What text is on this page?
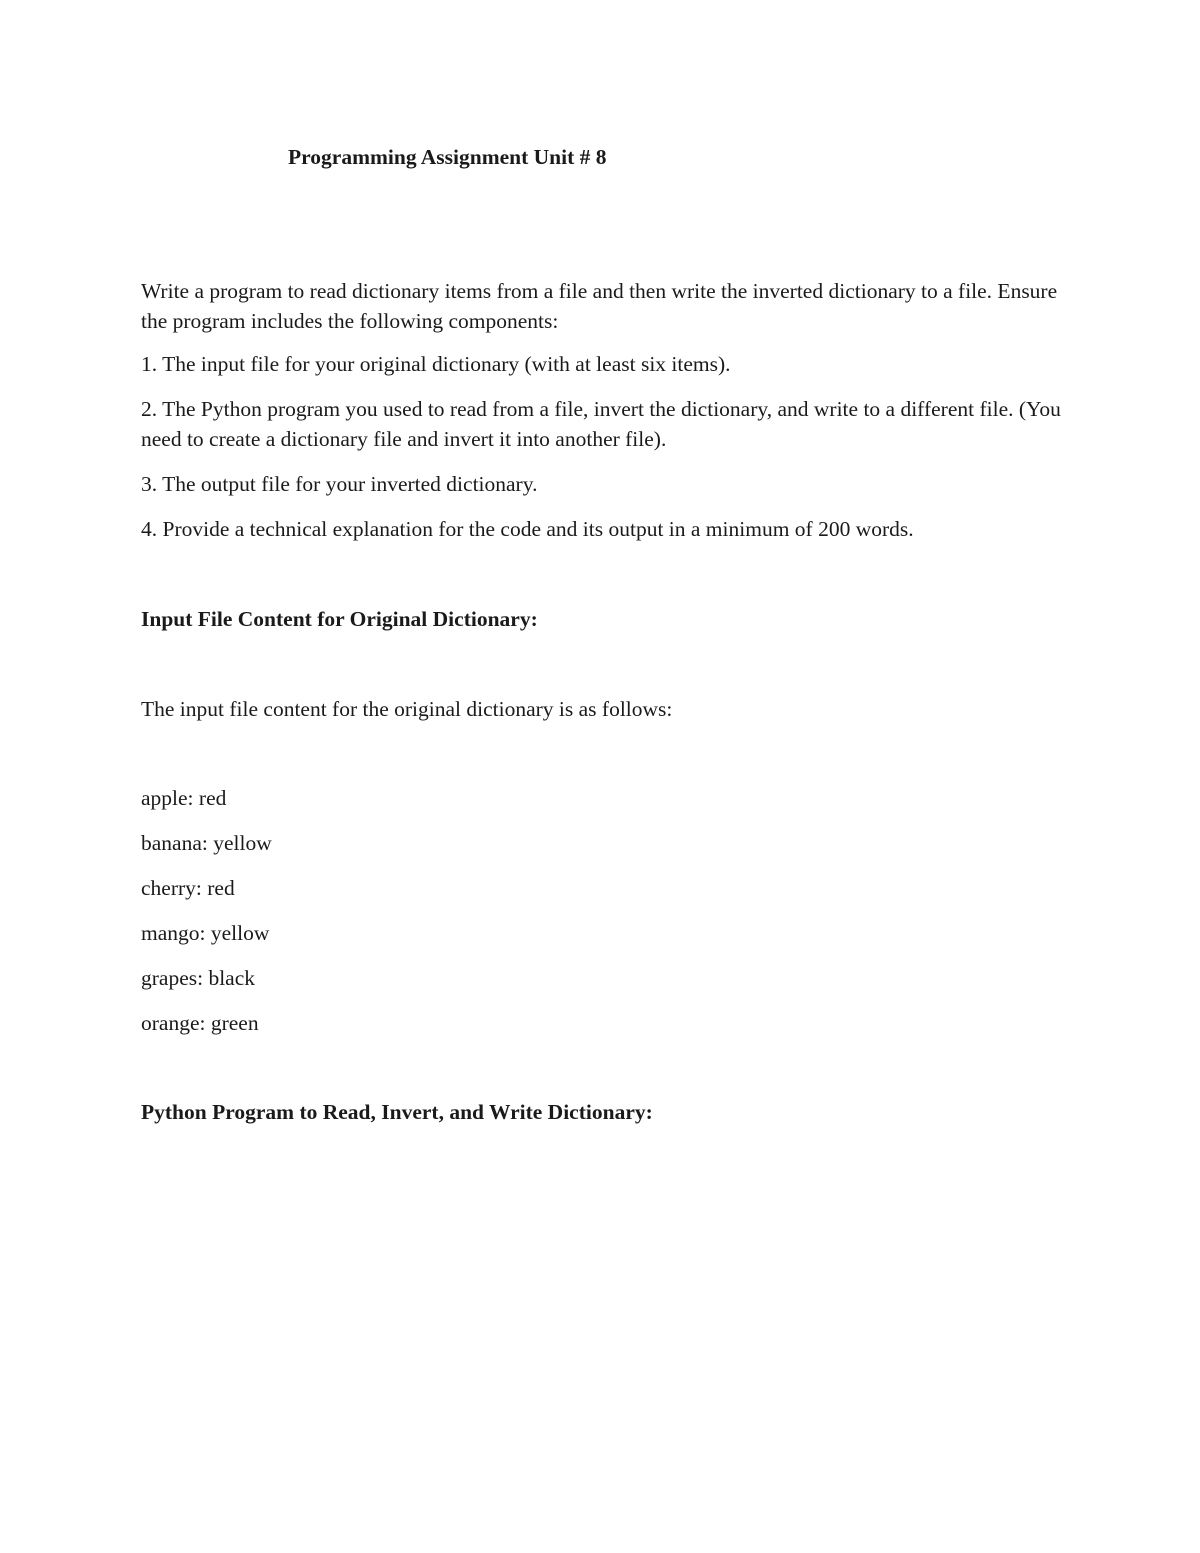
Programming Assignment Unit # 8

Write a program to read dictionary items from a file and then write the inverted dictionary to a file. Ensure the program includes the following components:

1. The input file for your original dictionary (with at least six items).

2. The Python program you used to read from a file, invert the dictionary, and write to a different file. (You need to create a dictionary file and invert it into another file).

3. The output file for your inverted dictionary.

4. Provide a technical explanation for the code and its output in a minimum of 200 words.

Input File Content for Original Dictionary:

The input file content for the original dictionary is as follows:

apple: red

banana: yellow

cherry: red

mango: yellow

grapes: black

orange: green

Python Program to Read, Invert, and Write Dictionary:
